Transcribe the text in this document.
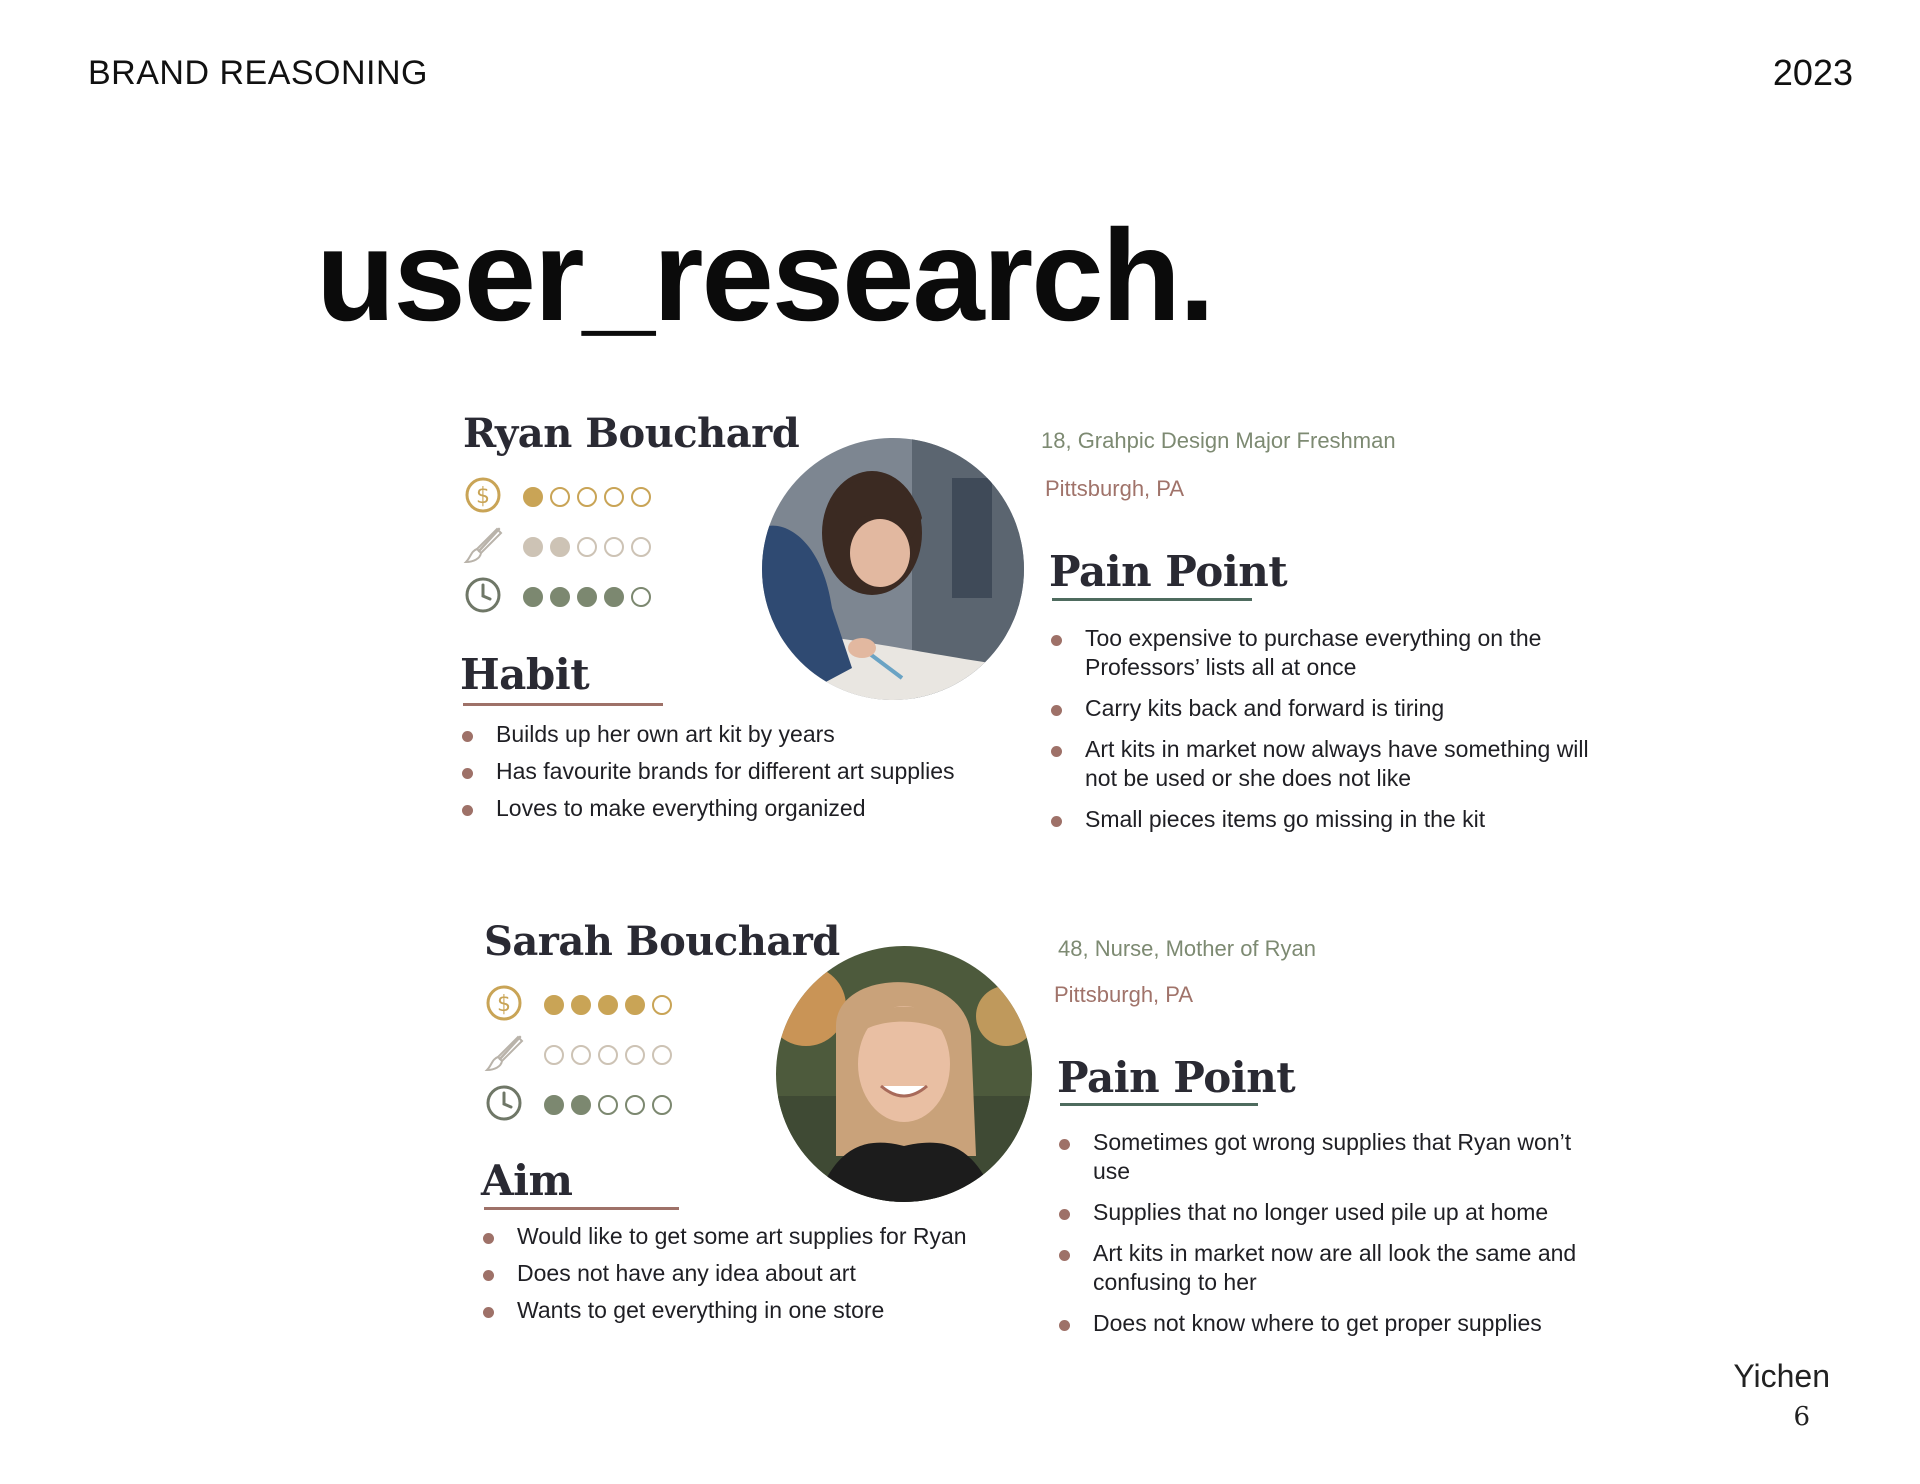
BRAND REASONING	2023
user_research.
Ryan Bouchard
$
Habit
Builds up her own art kit by years
Has favourite brands for different art supplies
Loves to make everything organized
18, Grahpic Design Major Freshman
Pittsburgh, PA
Pain Point
Too expensive to purchase everything on the Professors’ lists all at once
Carry kits back and forward is tiring
Art kits in market now always have something will not be used or she does not like
Small pieces items go missing in the kit
Sarah Bouchard
$
Aim
Would like to get some art supplies for Ryan
Does not have any idea about art
Wants to get everything in one store
48, Nurse, Mother of Ryan
Pittsburgh, PA
Pain Point
Sometimes got wrong supplies that Ryan won’t use
Supplies that no longer used pile up at home
Art kits in market now are all look the same and confusing to her
Does not know where to get proper supplies
Yichen
6
